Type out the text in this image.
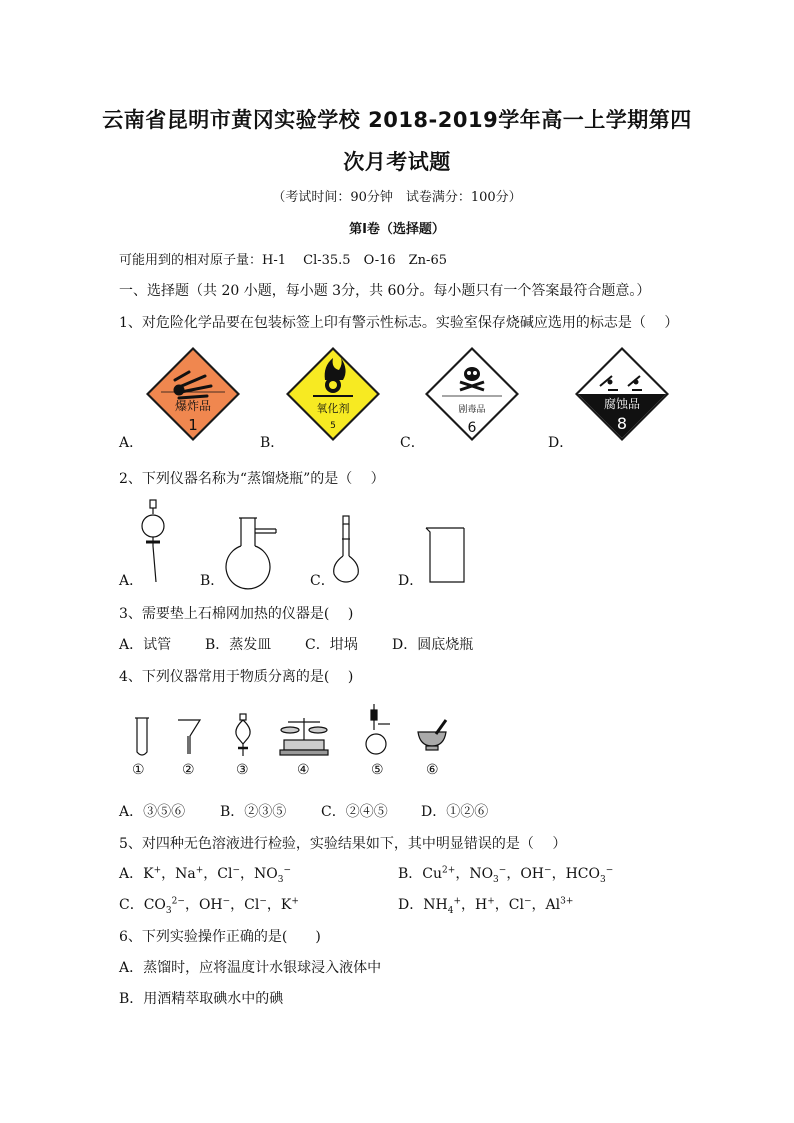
云南省昆明市黄冈实验学校 2018-2019学年高一上学期第四
次月考试题
（考试时间：90分钟　试卷满分：100分）
第Ⅰ卷（选择题）
可能用到的相对原子量：H-1　 Cl-35.5　O-16　Zn-65
一、选择题（共 20 小题，每小题 3分，共 60分。每小题只有一个答案最符合题意。）
1、对危险化学品要在包装标签上印有警示性标志。实验室保存烧碱应选用的标志是（　 ）
爆炸品
1
氧化剂
5
剧毒品
6
腐蚀品
8
A．	B．	C．	D．
2、下列仪器名称为“蒸馏烧瓶”的是（　 ）
A．	B．	C．	D．
3、需要垫上石棉网加热的仪器是(　 )
A．试管 B．蒸发皿 C．坩埚 D．圆底烧瓶
4、下列仪器常用于物质分离的是(　 )
①	②	③	④	⑤	⑥
A．③⑤⑥ B．②③⑤ C．②④⑤ D．①②⑥
5、对四种无色溶液进行检验，实验结果如下，其中明显错误的是（　 ）
A．K+，Na+，Cl−，$NO_3^-$	B．$Cu^{2+}$，$NO_3^-$，OH−，$HCO_3^-$
C．$CO_3^{2-}$，OH−，Cl−，K+	D．$NH_4^+$，H+，Cl−，$Al^{3+}$
6、下列实验操作正确的是(　　)
A．蒸馏时，应将温度计水银球浸入液体中
B．用酒精萃取碘水中的碘
